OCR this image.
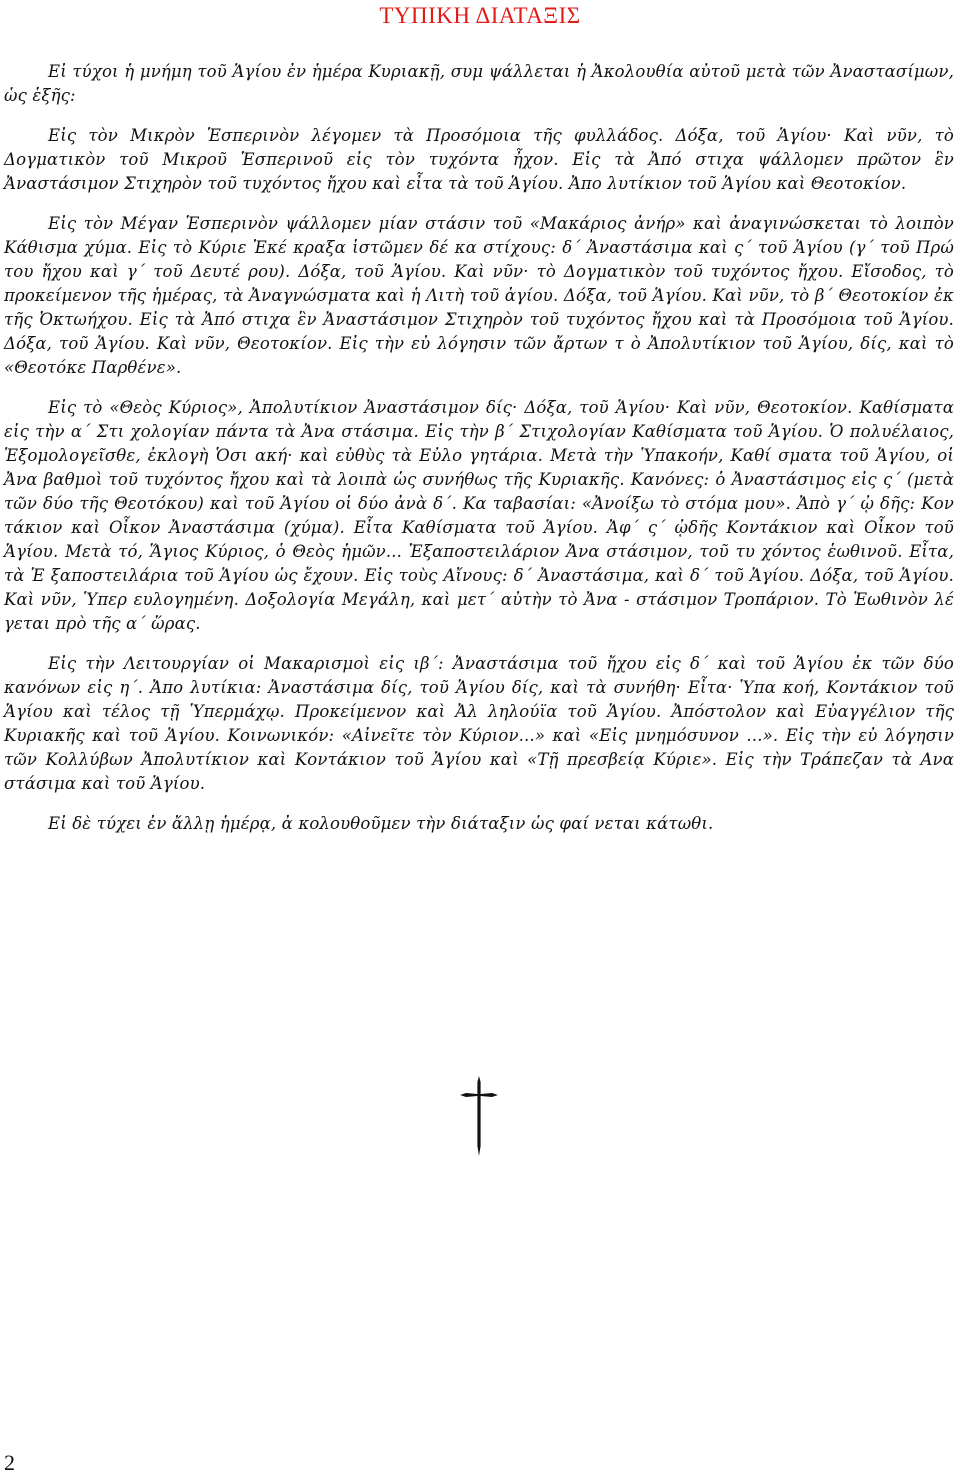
ΤΥΠΙΚΗ ΔΙΑΤΑΞΙΣ

Εἰ τύχοι ἡ μνήμη τοῦ Ἁγίου ἐν ἡμέρα Κυριακῇ, συμ ψάλλεται ἡ Ἀκολουθία αὐτοῦ μετὰ τῶν Ἀναστασίμων, ὡς ἑξῆς:

Εἰς τὸν Μικρὸν Ἑσπερινὸν λέγομεν τὰ Προσόμοια τῆς φυλλάδος. Δόξα, τοῦ Ἁγίου· Καὶ νῦν, τὸ Δογματικὸν τοῦ Μικροῦ Ἑσπερινοῦ εἰς τὸν τυχόντα ἦχον. Εἰς τὰ Ἀπό στιχα ψάλλομεν πρῶτον ἓν Ἀναστάσιμον Στιχηρὸν τοῦ τυχόντος ἤχου καὶ εἶτα τὰ τοῦ Ἁγίου. Ἀπο λυτίκιον τοῦ Ἁγίου καὶ Θεοτοκίον.

Εἰς τὸν Μέγαν Ἑσπερινὸν ψάλλομεν μίαν στάσιν τοῦ «Μακάριος ἀνήρ» καὶ ἀναγινώσκεται τὸ λοιπὸν Κάθισμα χύμα. Εἰς τὸ Κύριε Ἐκέ κραξα ἱστῶμεν δέ κα στίχους: δ´ Ἀναστάσιμα καὶ ς´ τοῦ Ἁγίου (γ´ τοῦ Πρώ του ἤχου καὶ γ´ τοῦ Δευτέ ρου). Δόξα, τοῦ Ἁγίου. Καὶ νῦν· τὸ Δογματικὸν τοῦ τυχόντος ἤχου. Εἴσοδος, τὸ προκείμενον τῆς ἡμέρας, τὰ Ἀναγνώσματα καὶ ἡ Λιτὴ τοῦ ἁγίου. Δόξα, τοῦ Ἁγίου. Καὶ νῦν, τὸ β´ Θεοτοκίον ἐκ τῆς Ὀκτωήχου. Εἰς τὰ Ἀπό στιχα ἓν Ἀναστάσιμον Στιχηρὸν τοῦ τυχόντος ἤχου καὶ τὰ Προσόμοια τοῦ Ἁγίου. Δόξα, τοῦ Ἁγίου. Καὶ νῦν, Θεοτοκίον. Εἰς τὴν εὐ λόγησιν τῶν ἄρτων τ ὸ Ἀπολυτίκιον τοῦ Ἁγίου, δίς, καὶ τὸ «Θεοτόκε Παρθένε».

Εἰς τὸ «Θεὸς Κύριος», Ἀπολυτίκιον Ἀναστάσιμον δίς· Δόξα, τοῦ Ἁγίου· Καὶ νῦν, Θεοτοκίον. Καθίσματα εἰς τὴν α´ Στι χολογίαν πάντα τὰ Ἀνα στάσιμα. Εἰς τὴν β´ Στιχολογίαν Καθίσματα τοῦ Ἁγίου. Ὁ πολυέλαιος, Ἐξομολογεῖσθε, ἐκλογὴ Ὁσι ακή· καὶ εὐθὺς τὰ Εὐλο γητάρια. Μετὰ τὴν Ὑπακοήν, Καθί σματα τοῦ Ἁγίου, οἱ Ἀνα βαθμοὶ τοῦ τυχόντος ἤχου καὶ τὰ λοιπὰ ὡς συνήθως τῆς Κυριακῆς. Κανόνες: ὁ Ἀναστάσιμος εἰς ς´ (μετὰ τῶν δύο τῆς Θεοτόκου) καὶ τοῦ Ἁγίου οἱ δύο ἀνὰ δ´. Κα ταβασίαι: «Ἀνοίξω τὸ στόμα μου». Ἀπὸ γ´ ᾠ δῆς: Κον τάκιον καὶ Οἶκον Ἀναστάσιμα (χύμα). Εἶτα Καθίσματα τοῦ Ἁγίου. Ἀφ´ ς´ ᾠδῆς Κοντάκιον καὶ Οἶκον τοῦ Ἁγίου. Μετὰ τό, Ἅγιος Κύριος, ὁ Θεὸς ἡμῶν... Ἐξαποστειλάριον Ἀνα στάσιμον, τοῦ τυ χόντος ἑωθινοῦ. Εἶτα, τὰ Ἐ ξαποστειλάρια τοῦ Ἁγίου ὡς ἔχουν. Εἰς τοὺς Αἴνους: δ´ Ἀναστάσιμα, καὶ δ´ τοῦ Ἁγίου. Δόξα, τοῦ Ἁγίου. Καὶ νῦν, Ὑπερ ευλογημένη. Δοξολογία Μεγάλη, καὶ μετ´ αὐτὴν τὸ Ἀνα - στάσιμον Τροπάριον. Τὸ Ἑωθινὸν λέ γεται πρὸ τῆς α´ ὥρας.

Εἰς τὴν Λειτουργίαν οἱ Μακαρισμοὶ εἰς ιβ´: Ἀναστάσιμα τοῦ ἤχου εἰς δ´ καὶ τοῦ Ἁγίου ἐκ τῶν δύο κανόνων εἰς η´. Ἀπο λυτίκια: Ἀναστάσιμα δίς, τοῦ Ἁγίου δίς, καὶ τὰ συνήθη· Εἶτα· Ὑπα κοή, Κοντάκιον τοῦ Ἁγίου καὶ τέλος τῇ Ὑπερμάχῳ. Προκείμενον καὶ Ἀλ ληλούϊα τοῦ Ἁγίου. Ἀπόστολον καὶ Εὐαγγέλιον τῆς Κυριακῆς καὶ τοῦ Ἁγίου. Κοινωνικόν: «Αἰνεῖτε τὸν Κύριον...» καὶ «Εἰς μνημόσυνον ...». Εἰς τὴν εὐ λόγησιν τῶν Κολλύβων Ἀπολυτίκιον καὶ Κοντάκιον τοῦ Ἁγίου καὶ «Τῇ πρεσβείᾳ Κύριε». Εἰς τὴν Τράπεζαν τὰ Ανα στάσιμα καὶ τοῦ Ἁγίου.

Εἰ δὲ τύχει ἐν ἄλλῃ ἡμέρᾳ, ἀ κολουθοῦμεν τὴν διάταξιν ὡς φαί νεται κάτωθι.

2
